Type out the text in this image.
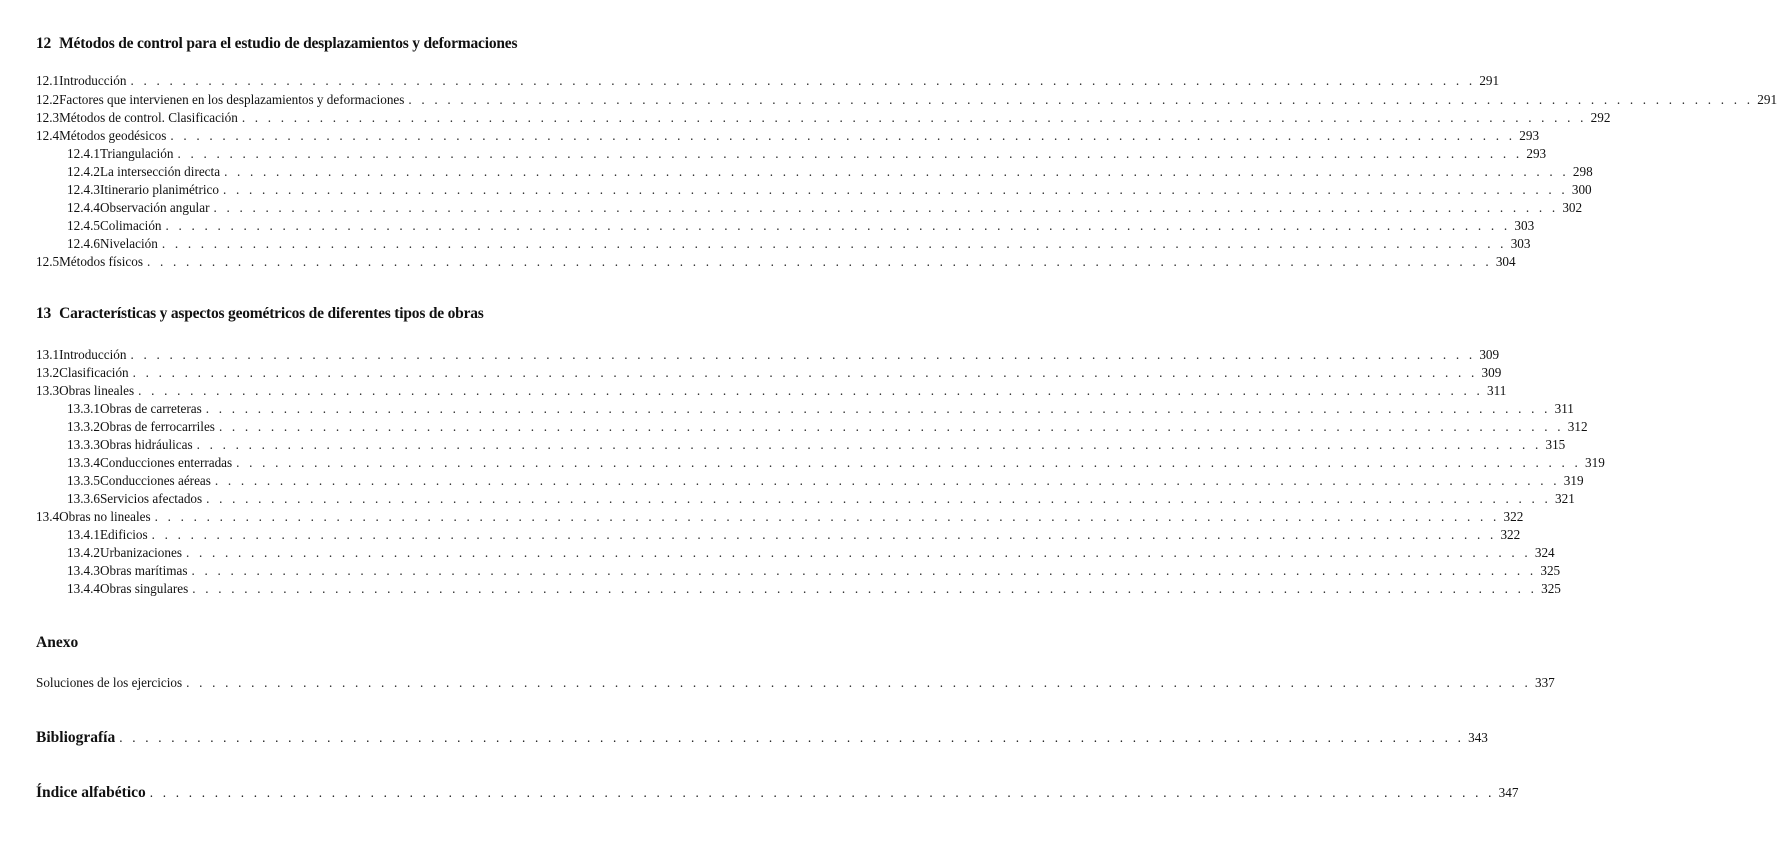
12 Métodos de control para el estudio de desplazamientos y deformaciones
12.1 Introducción . . . . . . . . . . . . . . . . . . . . . . . . . . . . . . . . . . . . . . . . . . . . . . . . . . . . . . . . . . . . . . . . . . . . . . . . . . . . . . . . . . . . . . . . . . . . . . . . . . . . . . . . 291
12.2 Factores que intervienen en los desplazamientos y deformaciones . . . . . . . . . . . . . . . . . . . . . . . . . . . . . . . . . . . . . . . . . . . . . . . . . . . . . . . . . . . . . . . . . . . . . . . . . . . . . . . . . . . . . . . . . . . . . . . . . . . . . . . . 291
12.3 Métodos de control. Clasificación . . . . . . . . . . . . . . . . . . . . . . . . . . . . . . . . . . . . . . . . . . . . . . . . . . . . . . . . . . . . . . . . . . . . . . . . . . . . . . . . . . . . . . . . . . . . . . . . . . . . . . . . 292
12.4 Métodos geodésicos . . . . . . . . . . . . . . . . . . . . . . . . . . . . . . . . . . . . . . . . . . . . . . . . . . . . . . . . . . . . . . . . . . . . . . . . . . . . . . . . . . . . . . . . . . . . . . . . . . . . . . . . 293
12.4.1 Triangulación . . . . . . . . . . . . . . . . . . . . . . . . . . . . . . . . . . . . . . . . . . . . . . . . . . . . . . . . . . . . . . . . . . . . . . . . . . . . . . . . . . . . . . . . . . . . . . . . . . . . . . . . 293
12.4.2 La intersección directa . . . . . . . . . . . . . . . . . . . . . . . . . . . . . . . . . . . . . . . . . . . . . . . . . . . . . . . . . . . . . . . . . . . . . . . . . . . . . . . . . . . . . . . . . . . . . . . . . . . . . . . . 298
12.4.3 Itinerario planimétrico . . . . . . . . . . . . . . . . . . . . . . . . . . . . . . . . . . . . . . . . . . . . . . . . . . . . . . . . . . . . . . . . . . . . . . . . . . . . . . . . . . . . . . . . . . . . . . . . . . . . . . . . 300
12.4.4 Observación angular . . . . . . . . . . . . . . . . . . . . . . . . . . . . . . . . . . . . . . . . . . . . . . . . . . . . . . . . . . . . . . . . . . . . . . . . . . . . . . . . . . . . . . . . . . . . . . . . . . . . . . . . 302
12.4.5 Colimación . . . . . . . . . . . . . . . . . . . . . . . . . . . . . . . . . . . . . . . . . . . . . . . . . . . . . . . . . . . . . . . . . . . . . . . . . . . . . . . . . . . . . . . . . . . . . . . . . . . . . . . . 303
12.4.6 Nivelación . . . . . . . . . . . . . . . . . . . . . . . . . . . . . . . . . . . . . . . . . . . . . . . . . . . . . . . . . . . . . . . . . . . . . . . . . . . . . . . . . . . . . . . . . . . . . . . . . . . . . . . . 303
12.5 Métodos físicos . . . . . . . . . . . . . . . . . . . . . . . . . . . . . . . . . . . . . . . . . . . . . . . . . . . . . . . . . . . . . . . . . . . . . . . . . . . . . . . . . . . . . . . . . . . . . . . . . . . . . . . . 304
13 Características y aspectos geométricos de diferentes tipos de obras
13.1 Introducción . . . . . . . . . . . . . . . . . . . . . . . . . . . . . . . . . . . . . . . . . . . . . . . . . . . . . . . . . . . . . . . . . . . . . . . . . . . . . . . . . . . . . . . . . . . . . . . . . . . . . . . . 309
13.2 Clasificación . . . . . . . . . . . . . . . . . . . . . . . . . . . . . . . . . . . . . . . . . . . . . . . . . . . . . . . . . . . . . . . . . . . . . . . . . . . . . . . . . . . . . . . . . . . . . . . . . . . . . . . . 309
13.3 Obras lineales . . . . . . . . . . . . . . . . . . . . . . . . . . . . . . . . . . . . . . . . . . . . . . . . . . . . . . . . . . . . . . . . . . . . . . . . . . . . . . . . . . . . . . . . . . . . . . . . . . . . . . . . 311
13.3.1 Obras de carreteras . . . . . . . . . . . . . . . . . . . . . . . . . . . . . . . . . . . . . . . . . . . . . . . . . . . . . . . . . . . . . . . . . . . . . . . . . . . . . . . . . . . . . . . . . . . . . . . . . . . . . . . . 311
13.3.2 Obras de ferrocarriles . . . . . . . . . . . . . . . . . . . . . . . . . . . . . . . . . . . . . . . . . . . . . . . . . . . . . . . . . . . . . . . . . . . . . . . . . . . . . . . . . . . . . . . . . . . . . . . . . . . . . . . . 312
13.3.3 Obras hidráulicas . . . . . . . . . . . . . . . . . . . . . . . . . . . . . . . . . . . . . . . . . . . . . . . . . . . . . . . . . . . . . . . . . . . . . . . . . . . . . . . . . . . . . . . . . . . . . . . . . . . . . . . . 315
13.3.4 Conducciones enterradas . . . . . . . . . . . . . . . . . . . . . . . . . . . . . . . . . . . . . . . . . . . . . . . . . . . . . . . . . . . . . . . . . . . . . . . . . . . . . . . . . . . . . . . . . . . . . . . . . . . . . . . . 319
13.3.5 Conducciones aéreas . . . . . . . . . . . . . . . . . . . . . . . . . . . . . . . . . . . . . . . . . . . . . . . . . . . . . . . . . . . . . . . . . . . . . . . . . . . . . . . . . . . . . . . . . . . . . . . . . . . . . . . . 319
13.3.6 Servicios afectados . . . . . . . . . . . . . . . . . . . . . . . . . . . . . . . . . . . . . . . . . . . . . . . . . . . . . . . . . . . . . . . . . . . . . . . . . . . . . . . . . . . . . . . . . . . . . . . . . . . . . . . . 321
13.4 Obras no lineales . . . . . . . . . . . . . . . . . . . . . . . . . . . . . . . . . . . . . . . . . . . . . . . . . . . . . . . . . . . . . . . . . . . . . . . . . . . . . . . . . . . . . . . . . . . . . . . . . . . . . . . . 322
13.4.1 Edificios . . . . . . . . . . . . . . . . . . . . . . . . . . . . . . . . . . . . . . . . . . . . . . . . . . . . . . . . . . . . . . . . . . . . . . . . . . . . . . . . . . . . . . . . . . . . . . . . . . . . . . . . 322
13.4.2 Urbanizaciones . . . . . . . . . . . . . . . . . . . . . . . . . . . . . . . . . . . . . . . . . . . . . . . . . . . . . . . . . . . . . . . . . . . . . . . . . . . . . . . . . . . . . . . . . . . . . . . . . . . . . . . . 324
13.4.3 Obras marítimas . . . . . . . . . . . . . . . . . . . . . . . . . . . . . . . . . . . . . . . . . . . . . . . . . . . . . . . . . . . . . . . . . . . . . . . . . . . . . . . . . . . . . . . . . . . . . . . . . . . . . . . . 325
13.4.4 Obras singulares . . . . . . . . . . . . . . . . . . . . . . . . . . . . . . . . . . . . . . . . . . . . . . . . . . . . . . . . . . . . . . . . . . . . . . . . . . . . . . . . . . . . . . . . . . . . . . . . . . . . . . . . 325
Anexo
Soluciones de los ejercicios . . . . . . . . . . . . . . . . . . . . . . . . . . . . . . . . . . . . . . . . . . . . . . . . . . . . . . . . . . . . . . . . . . . . . . . . . . . . . . . . . . . . . . . . . . . . . . . . . . . . . . . . 337
Bibliografía . . . . . . . . . . . . . . . . . . . . . . . . . . . . . . . . . . . . . . . . . . . . . . . . . . . . . . . . . . . . . . . . . . . . . . . . . . . . . . . . . . . . . . . . . . . . . . . . . . . . . . . . 343
Índice alfabético . . . . . . . . . . . . . . . . . . . . . . . . . . . . . . . . . . . . . . . . . . . . . . . . . . . . . . . . . . . . . . . . . . . . . . . . . . . . . . . . . . . . . . . . . . . . . . . . . . . . . . . . 347
